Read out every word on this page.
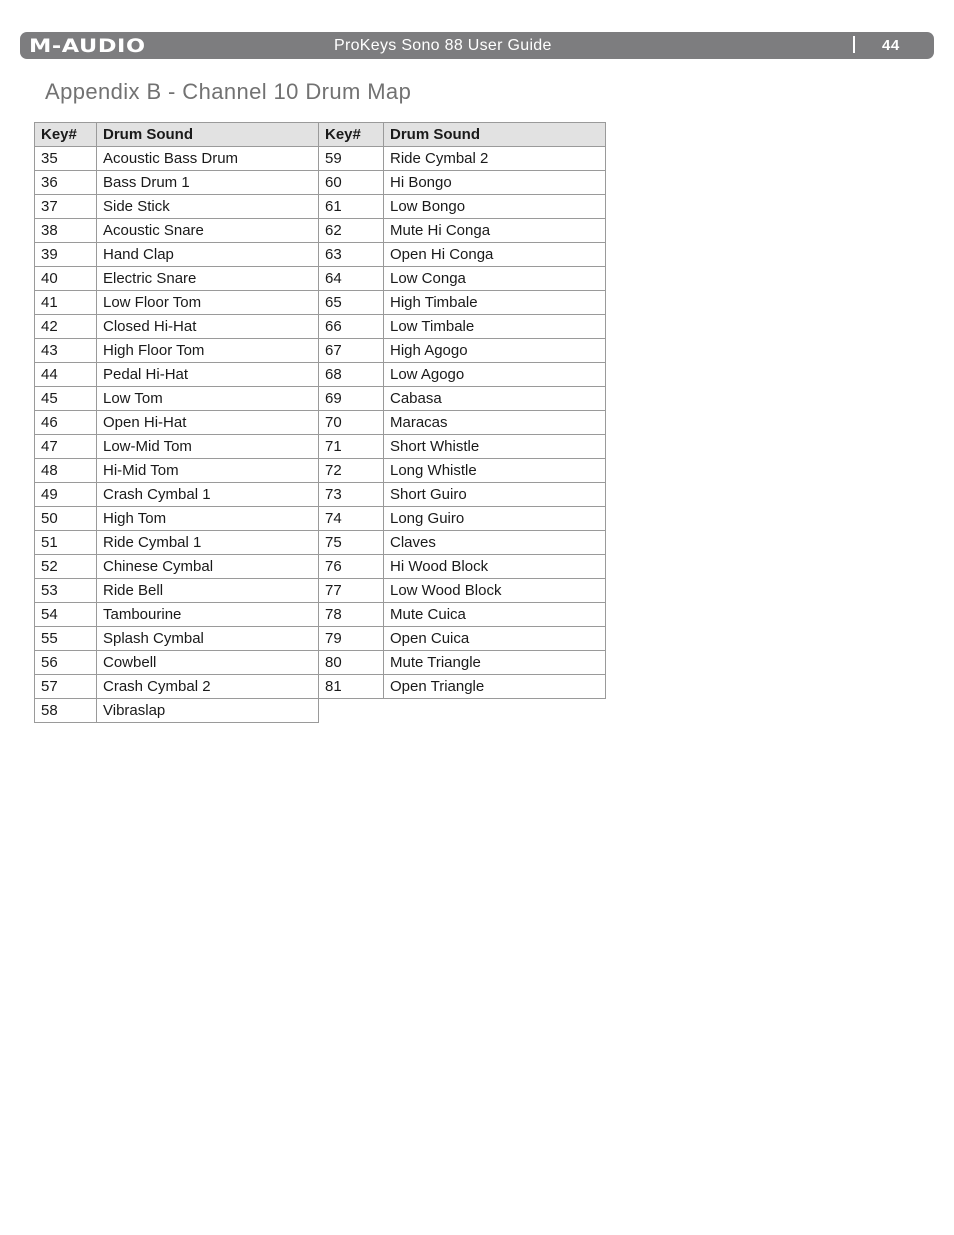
M-AUDIO	ProKeys Sono 88 User Guide	44
Appendix B - Channel 10 Drum Map
Key#	Drum Sound	Key#	Drum Sound
35	Acoustic Bass Drum	59	Ride Cymbal 2
36	Bass Drum 1	60	Hi Bongo
37	Side Stick	61	Low Bongo
38	Acoustic Snare	62	Mute Hi Conga
39	Hand Clap	63	Open Hi Conga
40	Electric Snare	64	Low Conga
41	Low Floor Tom	65	High Timbale
42	Closed Hi-Hat	66	Low Timbale
43	High Floor Tom	67	High Agogo
44	Pedal Hi-Hat	68	Low Agogo
45	Low Tom	69	Cabasa
46	Open Hi-Hat	70	Maracas
47	Low-Mid Tom	71	Short Whistle
48	Hi-Mid Tom	72	Long Whistle
49	Crash Cymbal 1	73	Short Guiro
50	High Tom	74	Long Guiro
51	Ride Cymbal 1	75	Claves
52	Chinese Cymbal	76	Hi Wood Block
53	Ride Bell	77	Low Wood Block
54	Tambourine	78	Mute Cuica
55	Splash Cymbal	79	Open Cuica
56	Cowbell	80	Mute Triangle
57	Crash Cymbal 2	81	Open Triangle
58	Vibraslap		
